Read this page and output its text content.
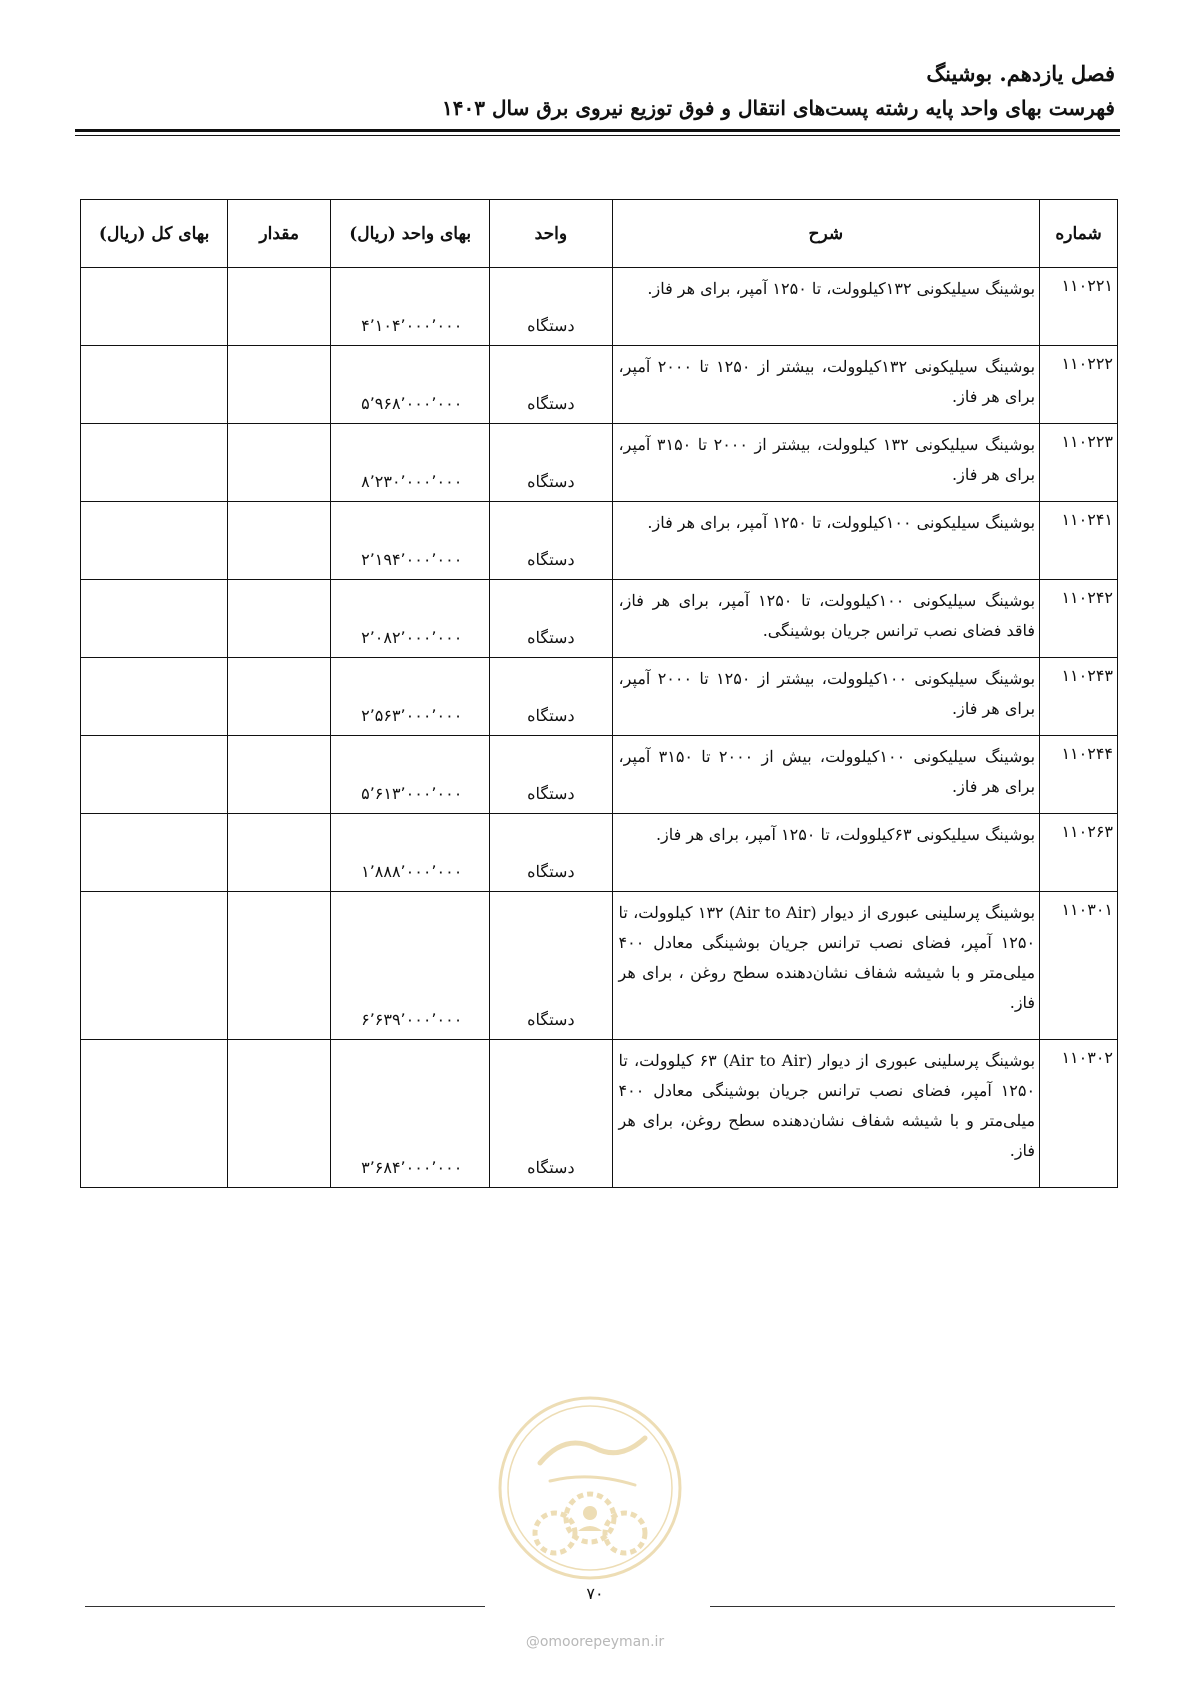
فصل یازدهم. بوشینگ

فهرست بهای واحد پایه رشته پست‌های انتقال و فوق توزیع نیروی برق سال ۱۴۰۳

شماره	شرح	واحد	بهای واحد (ریال)	مقدار	بهای کل (ریال)
۱۱۰۲۲۱	بوشینگ سیلیکونی ۱۳۲کیلوولت، تا ۱۲۵۰ آمپر، برای هر فاز.	دستگاه	۴٬۱۰۴٬۰۰۰٬۰۰۰		
۱۱۰۲۲۲	بوشینگ سیلیکونی ۱۳۲کیلوولت، بیشتر از ۱۲۵۰ تا ۲۰۰۰ آمپر، برای هر فاز.	دستگاه	۵٬۹۶۸٬۰۰۰٬۰۰۰		
۱۱۰۲۲۳	بوشینگ سیلیکونی ۱۳۲ کیلوولت، بیشتر از ۲۰۰۰ تا ۳۱۵۰ آمپر، برای هر فاز.	دستگاه	۸٬۲۳۰٬۰۰۰٬۰۰۰		
۱۱۰۲۴۱	بوشینگ سیلیکونی ۱۰۰کیلوولت، تا ۱۲۵۰ آمپر، برای هر فاز.	دستگاه	۲٬۱۹۴٬۰۰۰٬۰۰۰		
۱۱۰۲۴۲	بوشینگ سیلیکونی ۱۰۰کیلوولت، تا ۱۲۵۰ آمپر، برای هر فاز، فاقد فضای نصب ترانس جریان بوشینگی.	دستگاه	۲٬۰۸۲٬۰۰۰٬۰۰۰		
۱۱۰۲۴۳	بوشینگ سیلیکونی ۱۰۰کیلوولت، بیشتر از ۱۲۵۰ تا ۲۰۰۰ آمپر، برای هر فاز.	دستگاه	۲٬۵۶۳٬۰۰۰٬۰۰۰		
۱۱۰۲۴۴	بوشینگ سیلیکونی ۱۰۰کیلوولت، بیش از ۲۰۰۰ تا ۳۱۵۰ آمپر، برای هر فاز.	دستگاه	۵٬۶۱۳٬۰۰۰٬۰۰۰		
۱۱۰۲۶۳	بوشینگ سیلیکونی ۶۳کیلوولت، تا ۱۲۵۰ آمپر، برای هر فاز.	دستگاه	۱٬۸۸۸٬۰۰۰٬۰۰۰		
۱۱۰۳۰۱	بوشینگ پرسلینی عبوری از دیوار (Air to Air) ۱۳۲ کیلوولت، تا ۱۲۵۰ آمپر، فضای نصب ترانس جریان بوشینگی معادل ۴۰۰ میلی‌متر و با شیشه شفاف نشان‌دهنده سطح روغن ، برای هر فاز.	دستگاه	۶٬۶۳۹٬۰۰۰٬۰۰۰		
۱۱۰۳۰۲	بوشینگ پرسلینی عبوری از دیوار (Air to Air) ۶۳ کیلوولت، تا ۱۲۵۰ آمپر، فضای نصب ترانس جریان بوشینگی معادل ۴۰۰ میلی‌متر و با شیشه شفاف نشان‌دهنده سطح روغن، برای هر فاز.	دستگاه	۳٬۶۸۴٬۰۰۰٬۰۰۰		
۷۰
@omoorepeyman.ir
